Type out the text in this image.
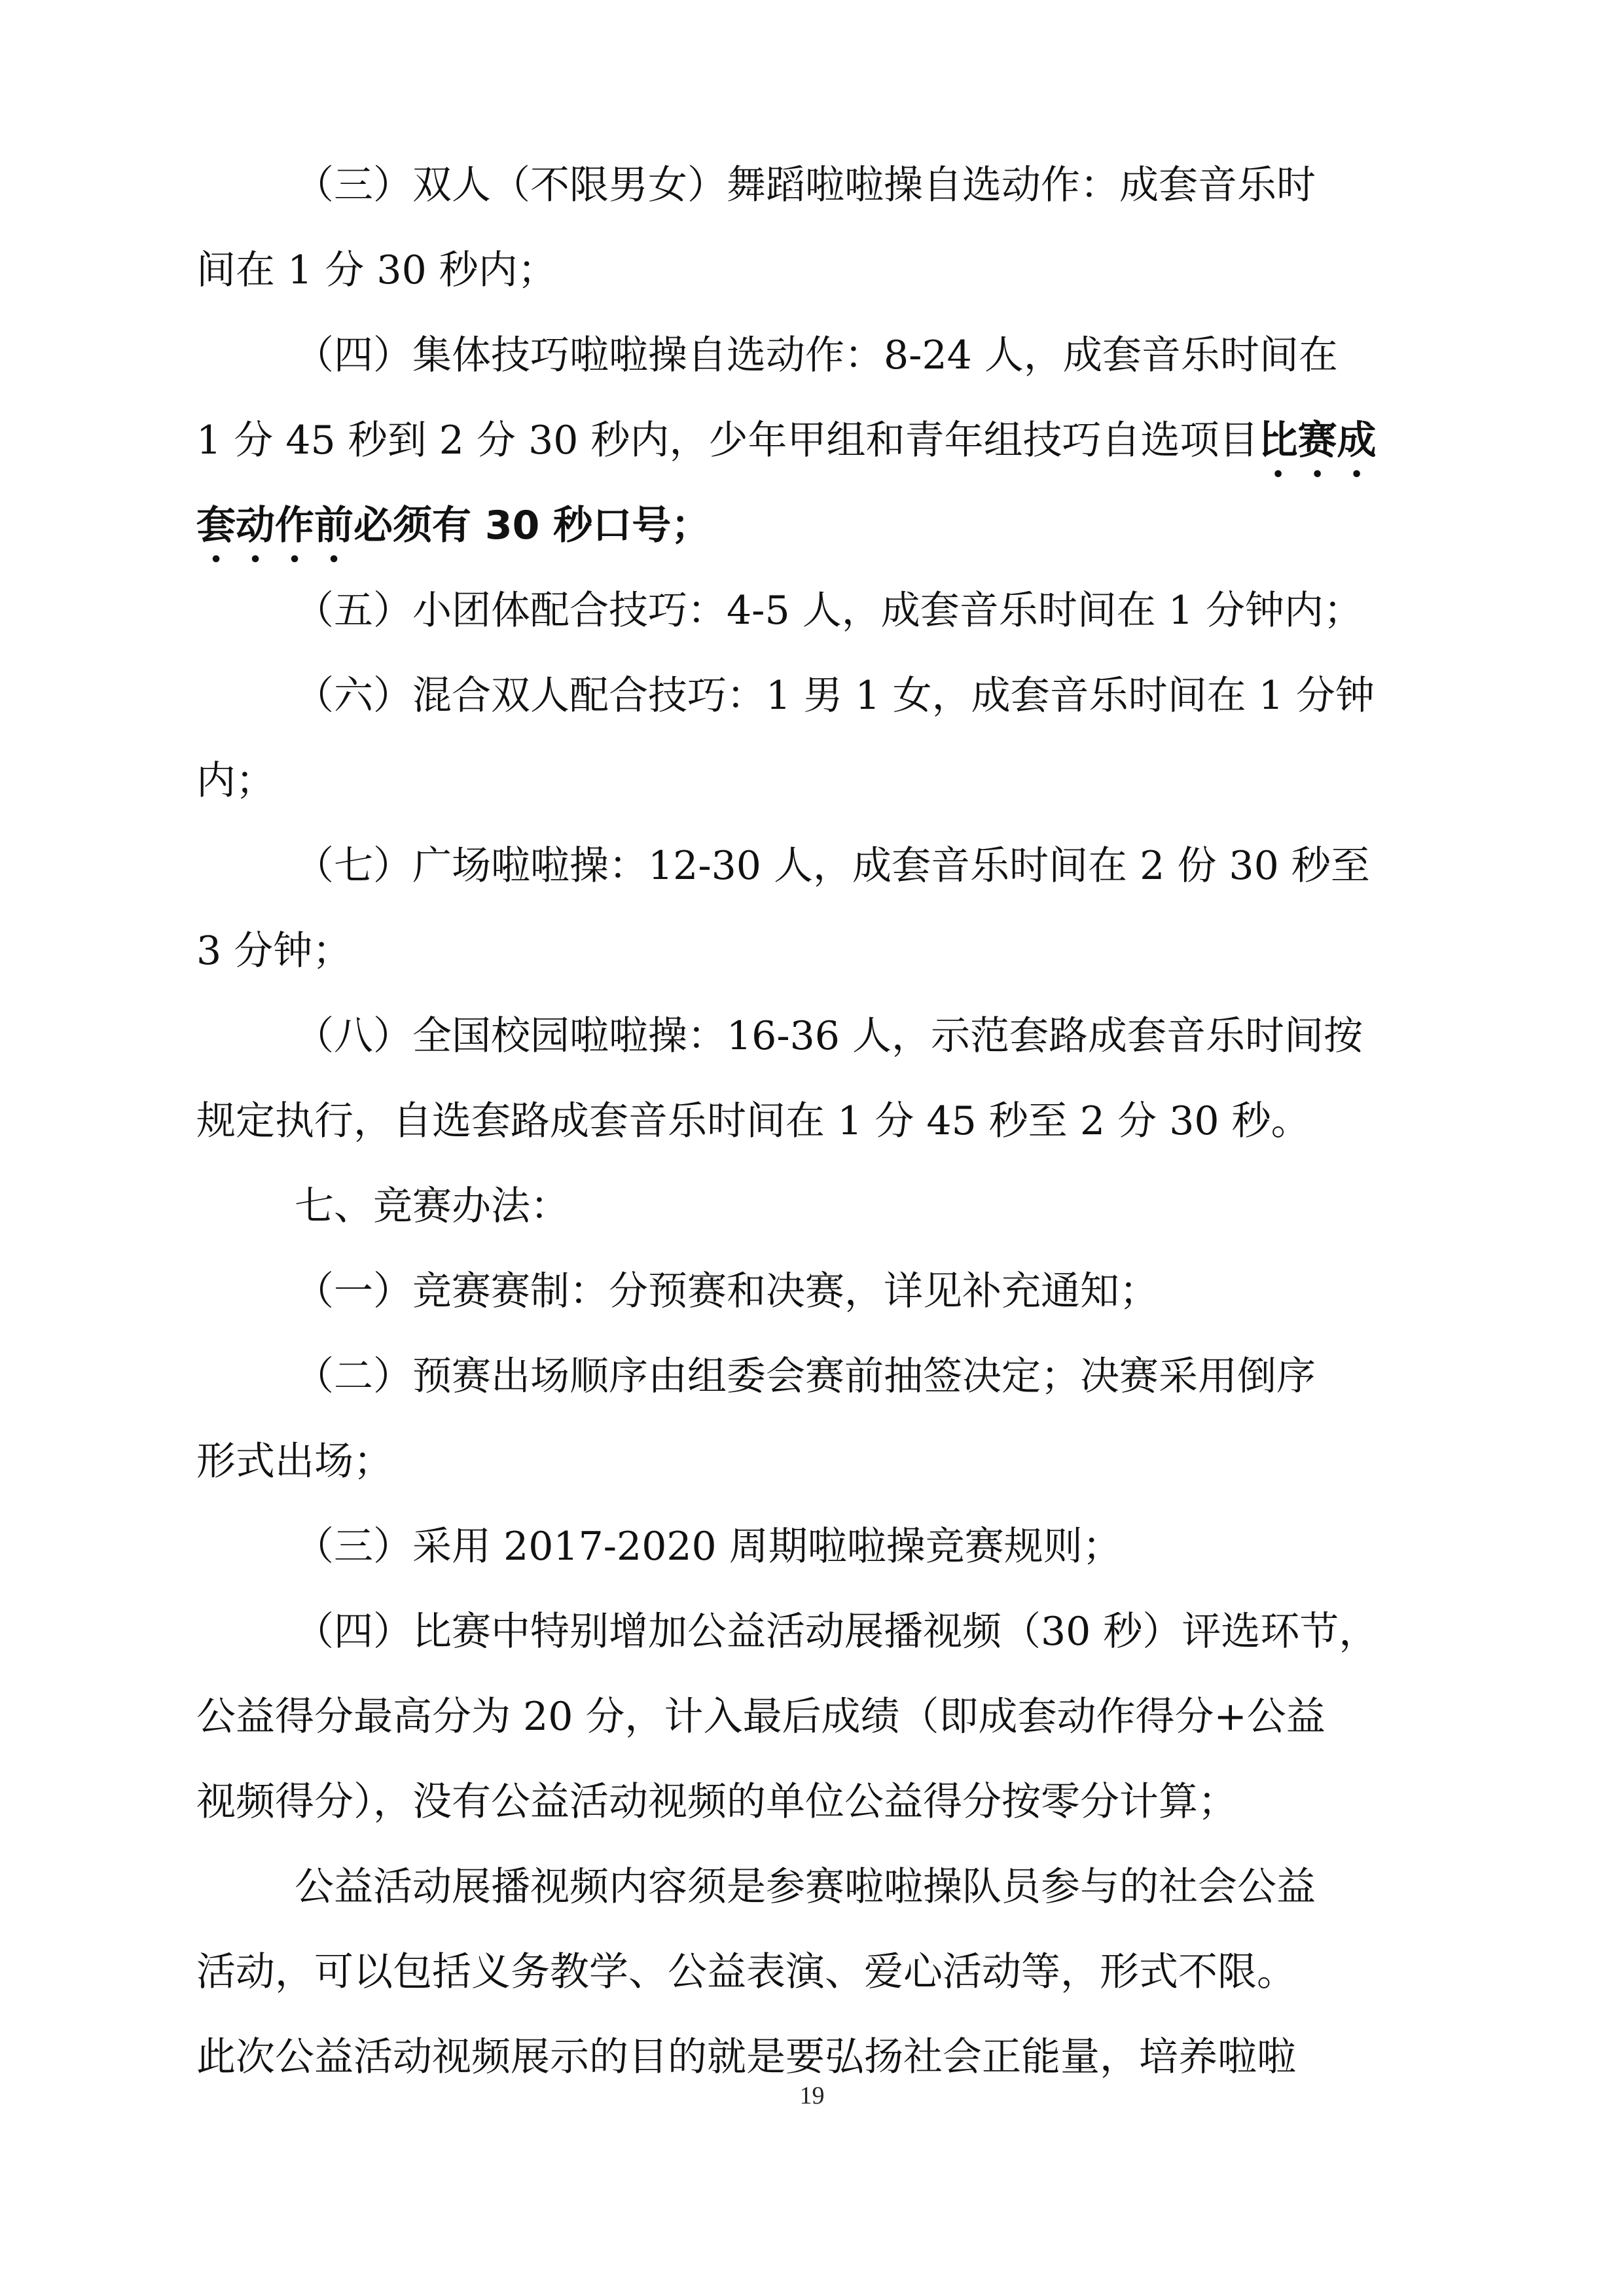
（三）双人（不限男女）舞蹈啦啦操自选动作：成套音乐时
间在 1 分 30 秒内；
（四）集体技巧啦啦操自选动作：8-24 人，成套音乐时间在
1 分 45 秒到 2 分 30 秒内，少年甲组和青年组技巧自选项目比赛成
套动作前必须有 30 秒口号；
（五）小团体配合技巧：4-5 人，成套音乐时间在 1 分钟内；
（六）混合双人配合技巧：1 男 1 女，成套音乐时间在 1 分钟
内；
（七）广场啦啦操：12-30 人，成套音乐时间在 2 份 30 秒至
3 分钟；
（八）全国校园啦啦操：16-36 人，示范套路成套音乐时间按
规定执行，自选套路成套音乐时间在 1 分 45 秒至 2 分 30 秒。
七、竞赛办法：
（一）竞赛赛制：分预赛和决赛，详见补充通知；
（二）预赛出场顺序由组委会赛前抽签决定；决赛采用倒序
形式出场；
（三）采用 2017-2020 周期啦啦操竞赛规则；
（四）比赛中特别增加公益活动展播视频（30 秒）评选环节，
公益得分最高分为 20 分，计入最后成绩（即成套动作得分+公益
视频得分），没有公益活动视频的单位公益得分按零分计算；
公益活动展播视频内容须是参赛啦啦操队员参与的社会公益
活动，可以包括义务教学、公益表演、爱心活动等，形式不限。
此次公益活动视频展示的目的就是要弘扬社会正能量，培养啦啦
19
